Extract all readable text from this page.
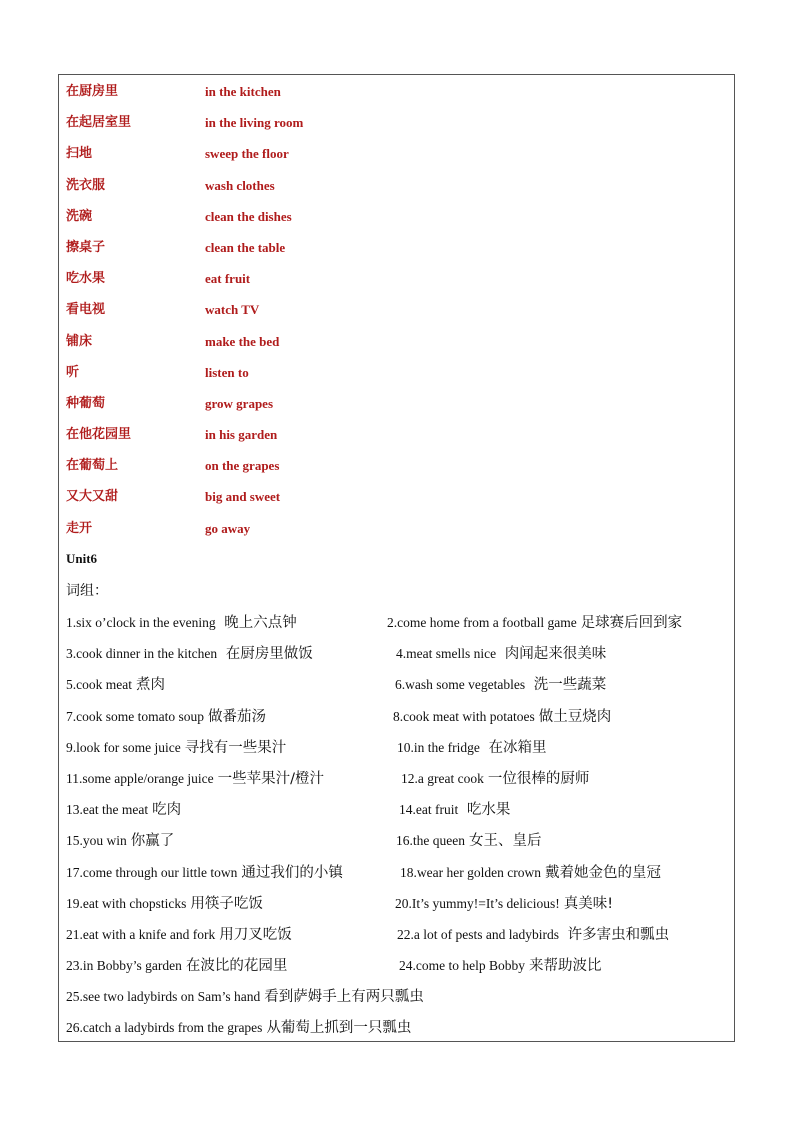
在厨房里	in the kitchen
在起居室里	in the living room
扫地	sweep the floor
洗衣服	wash clothes
洗碗	clean the dishes
擦桌子	clean the table
吃水果	eat fruit
看电视	watch TV
铺床	make the bed
听	listen to
种葡萄	grow grapes
在他花园里	in his garden
在葡萄上	on the grapes
又大又甜	big and sweet
走开	go away
Unit6
词组：
1.six o’clock in the evening 晚上六点钟	2.come home from a football game 足球赛后回到家
3.cook dinner in the kitchen 在厨房里做饭	4.meat smells nice 肉闻起来很美味
5.cook meat 煮肉	6.wash some vegetables 洗一些蔬菜
7.cook some tomato soup 做番茄汤	8.cook meat with potatoes 做土豆烧肉
9.look for some juice 寻找有一些果汁	10.in the fridge 在冰箱里
11.some apple/orange juice 一些苹果汁/橙汁	12.a great cook 一位很棒的厨师
13.eat the meat 吃肉	14.eat fruit 吃水果
15.you win 你赢了	16.the queen 女王、皇后
17.come through our little town 通过我们的小镇	18.wear her golden crown 戴着她金色的皇冠
19.eat with chopsticks 用筷子吃饭	20.It’s yummy!=It’s delicious! 真美味!
21.eat with a knife and fork 用刀叉吃饭	22.a lot of pests and ladybirds 许多害虫和瓢虫
23.in Bobby’s garden 在波比的花园里	24.come to help Bobby 来帮助波比
25.see two ladybirds on Sam’s hand 看到萨姆手上有两只瓢虫
26.catch a ladybirds from the grapes 从葡萄上抓到一只瓢虫
